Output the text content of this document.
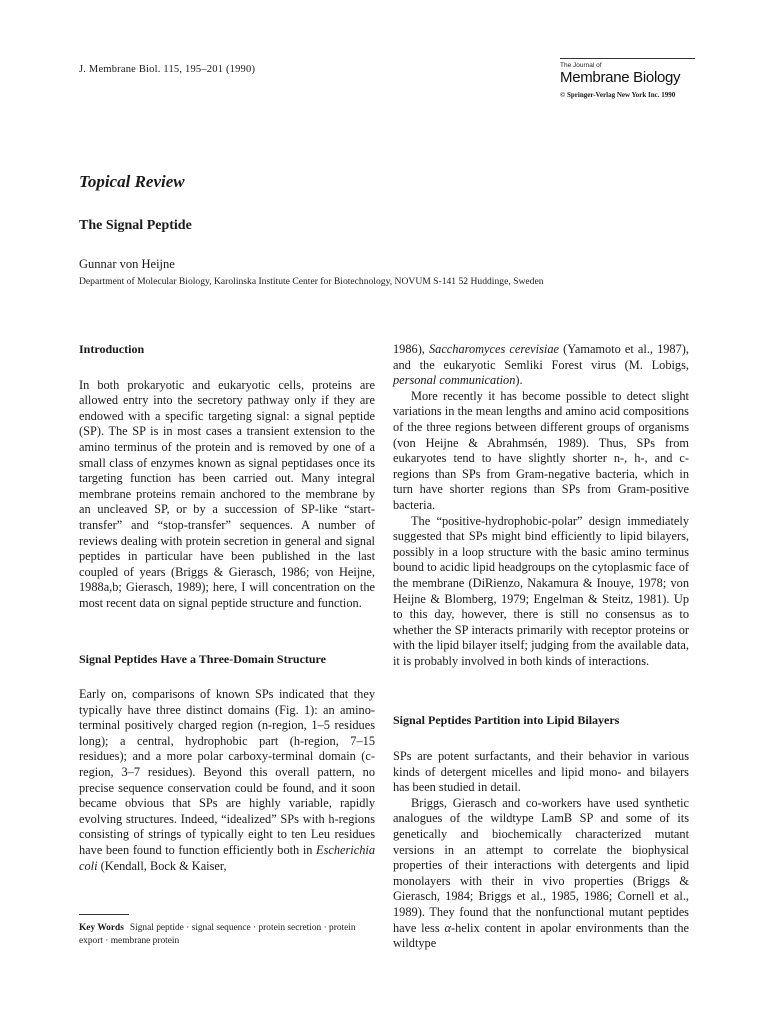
J. Membrane Biol. 115, 195–201 (1990)	The Journal of
Membrane Biology
© Springer-Verlag New York Inc. 1990
Topical Review
The Signal Peptide
Gunnar von Heijne
Department of Molecular Biology, Karolinska Institute Center for Biotechnology, NOVUM S-141 52 Huddinge, Sweden

Introduction

In both prokaryotic and eukaryotic cells, proteins are allowed entry into the secretory pathway only if they are endowed with a specific targeting signal: a signal peptide (SP). The SP is in most cases a transient extension to the amino terminus of the protein and is removed by one of a small class of enzymes known as signal peptidases once its targeting function has been carried out. Many integral membrane proteins remain anchored to the membrane by an uncleaved SP, or by a succession of SP-like “start-transfer” and “stop-transfer” sequences. A number of reviews dealing with protein secretion in general and signal peptides in particular have been published in the last coupled of years (Briggs & Gierasch, 1986; von Heijne, 1988a,b; Gierasch, 1989); here, I will concentration on the most recent data on signal peptide structure and function.

Signal Peptides Have a Three-Domain Structure

Early on, comparisons of known SPs indicated that they typically have three distinct domains (Fig. 1): an amino-terminal positively charged region (n-region, 1–5 residues long); a central, hydrophobic part (h-region, 7–15 residues); and a more polar carboxy-terminal domain (c-region, 3–7 residues). Beyond this overall pattern, no precise sequence conservation could be found, and it soon became obvious that SPs are highly variable, rapidly evolving structures. Indeed, “idealized” SPs with h-regions consisting of strings of typically eight to ten Leu residues have been found to function efficiently both in Escherichia coli (Kendall, Bock & Kaiser,

Key Words Signal peptide · signal sequence · protein secretion · protein export · membrane protein

1986), Saccharomyces cerevisiae (Yamamoto et al., 1987), and the eukaryotic Semliki Forest virus (M. Lobigs, personal communication).

More recently it has become possible to detect slight variations in the mean lengths and amino acid compositions of the three regions between different groups of organisms (von Heijne & Abrahmsén, 1989). Thus, SPs from eukaryotes tend to have slightly shorter n-, h-, and c-regions than SPs from Gram-negative bacteria, which in turn have shorter regions than SPs from Gram-positive bacteria.

The “positive-hydrophobic-polar” design immediately suggested that SPs might bind efficiently to lipid bilayers, possibly in a loop structure with the basic amino terminus bound to acidic lipid headgroups on the cytoplasmic face of the membrane (DiRienzo, Nakamura & Inouye, 1978; von Heijne & Blomberg, 1979; Engelman & Steitz, 1981). Up to this day, however, there is still no consensus as to whether the SP interacts primarily with receptor proteins or with the lipid bilayer itself; judging from the available data, it is probably involved in both kinds of interactions.

Signal Peptides Partition into Lipid Bilayers

SPs are potent surfactants, and their behavior in various kinds of detergent micelles and lipid mono- and bilayers has been studied in detail.

Briggs, Gierasch and co-workers have used synthetic analogues of the wildtype LamB SP and some of its genetically and biochemically characterized mutant versions in an attempt to correlate the biophysical properties of their interactions with detergents and lipid monolayers with their in vivo properties (Briggs & Gierasch, 1984; Briggs et al., 1985, 1986; Cornell et al., 1989). They found that the nonfunctional mutant peptides have less α-helix content in apolar environments than the wildtype
